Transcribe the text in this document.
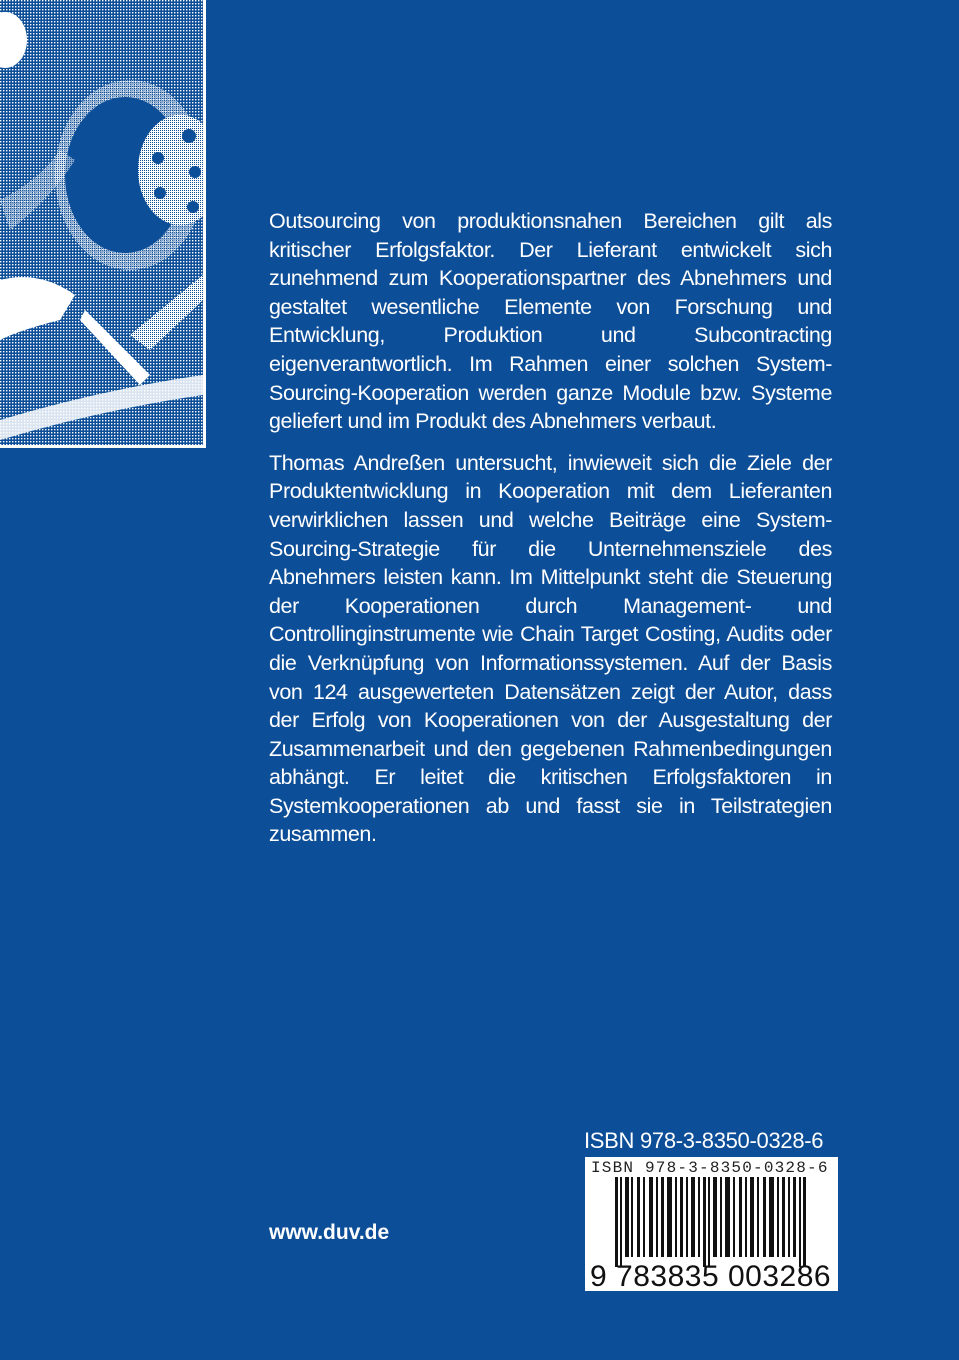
Outsourcing von produktionsnahen Bereichen gilt als kritischer Erfolgsfaktor. Der Lieferant entwickelt sich zunehmend zum Kooperationspartner des Abnehmers und gestaltet wesentliche Elemente von Forschung und Entwicklung, Produktion und Subcontracting eigenverantwortlich. Im Rahmen einer solchen System-Sourcing-Kooperation werden ganze Module bzw. Systeme geliefert und im Produkt des Abnehmers verbaut.

Thomas Andreßen untersucht, inwieweit sich die Ziele der Produktentwicklung in Kooperation mit dem Lieferanten verwirklichen lassen und welche Beiträge eine System-Sourcing-Strategie für die Unternehmensziele des Abnehmers leisten kann. Im Mittelpunkt steht die Steuerung der Kooperationen durch Management- und Controllinginstrumente wie Chain Target Costing, Audits oder die Verknüpfung von Informationssystemen. Auf der Basis von 124 ausgewerteten Datensätzen zeigt der Autor, dass der Erfolg von Kooperationen von der Ausgestaltung der Zusammenarbeit und den gegebenen Rahmenbedingungen abhängt. Er leitet die kritischen Erfolgsfaktoren in Systemkooperationen ab und fasst sie in Teilstrategien zusammen.

ISBN 978-3-8350-0328-6
ISBN 978-3-8350-0328-6
9 783835 003286
www.duv.de
